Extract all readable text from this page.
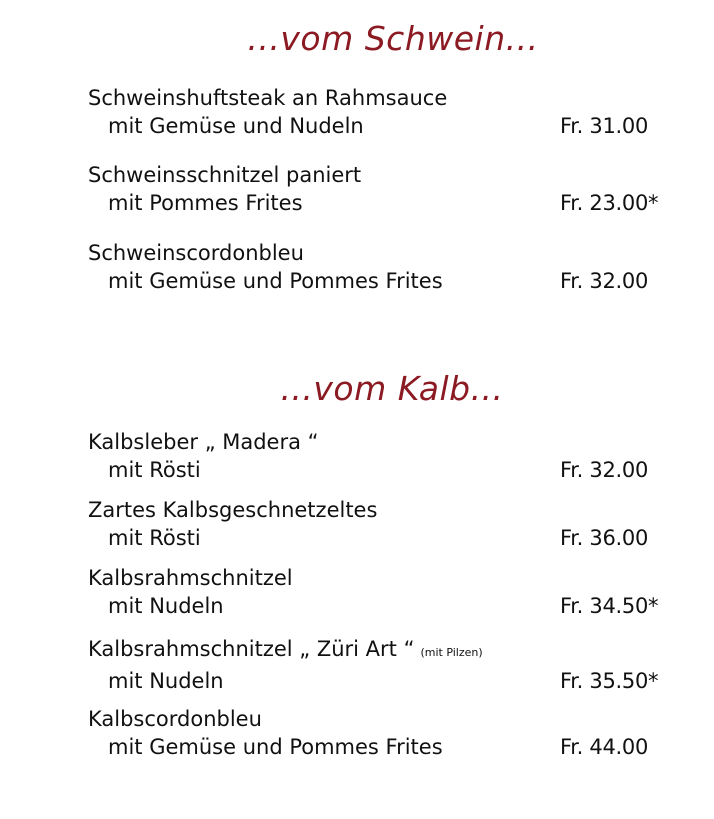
...vom Schwein...
Schweinshuftsteak an Rahmsauce
mit Gemüse und Nudeln	Fr. 31.00
Schweinsschnitzel paniert
mit Pommes Frites	Fr. 23.00*
Schweinscordonbleu
mit Gemüse und Pommes Frites	Fr. 32.00
...vom Kalb...
Kalbsleber „ Madera “
mit Rösti	Fr. 32.00
Zartes Kalbsgeschnetzeltes
mit Rösti	Fr. 36.00
Kalbsrahmschnitzel
mit Nudeln	Fr. 34.50*
Kalbsrahmschnitzel „ Züri Art “ (mit Pilzen)
mit Nudeln	Fr. 35.50*
Kalbscordonbleu
mit Gemüse und Pommes Frites	Fr. 44.00
